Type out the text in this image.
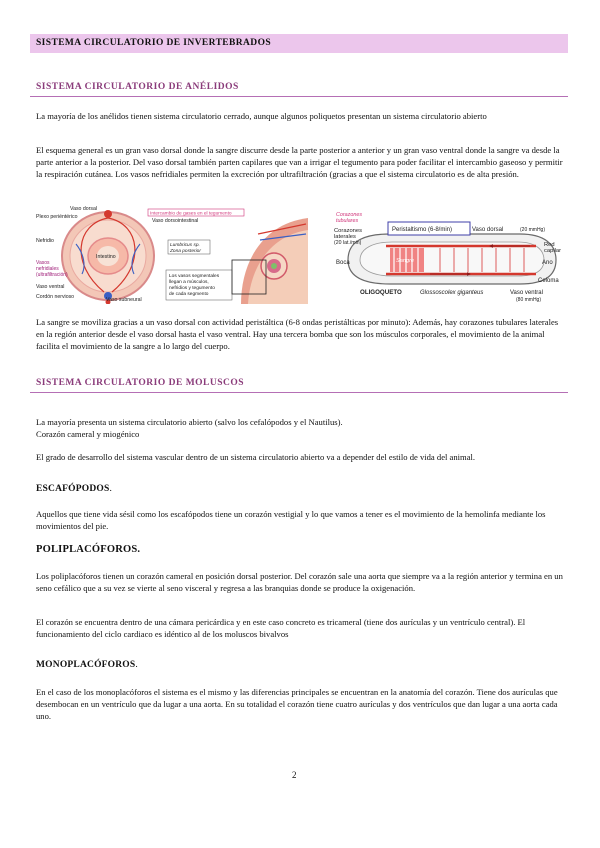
SISTEMA CIRCULATORIO DE INVERTEBRADOS
SISTEMA CIRCULATORIO DE ANÉLIDOS

La mayoría de los anélidos tienen sistema circulatorio cerrado, aunque algunos poliquetos presentan un sistema circulatorio abierto

El esquema general es un gran vaso dorsal donde la sangre discurre desde la parte posterior a anterior y un gran vaso ventral donde la sangre va desde la parte anterior a la posterior. Del vaso dorsal también parten capilares que van a irrigar el tegumento para poder facilitar el intercambio gaseoso y permitir la respiración cutánea. Los vasos nefridiales permiten la excreción por ultrafiltración (gracias a que el sistema circulatorio es de alta presión.

Vaso dorsal
Plexo periéntérico
Nefridio
Intestino
Vasos
nefridiales
(ultrafiltración)
Vaso ventral
Cordón nervioso	Vaso subneural
Intercambio de gases en el tegumento
Vaso dorsointestinal
Lumbricus sp.
Zona posterior
Los vasos segmentales
llegan a músculos,
nefridios y tegumento
de cada segmento
Peristaltismo (6-8/min)
Corazones
tubulares
Vaso dorsal	(20 mmHg)
Corazones
laterales
(20 lat./min)	Red
capilar
Boca	Sangre	Ano
Celoma
OLIGOQUETO	Glossoscolex giganteus	Vaso ventral
(80 mmHg)

La sangre se moviliza gracias a un vaso dorsal con actividad peristáltica (6-8 ondas peristálticas por minuto): Además, hay corazones tubulares laterales en la región anterior desde el vaso dorsal hasta el vaso ventral. Hay una tercera bomba que son los músculos corporales, el movimiento de la animal facilita el movimiento de la sangre a lo largo del cuerpo.

SISTEMA CIRCULATORIO DE MOLUSCOS

La mayoría presenta un sistema circulatorio abierto (salvo los cefalópodos y el Nautilus).

Corazón cameral y miogénico

El grado de desarrollo del sistema vascular dentro de un sistema circulatorio abierto va a depender del estilo de vida del animal.

ESCAFÓPODOS.

Aquellos que tiene vida sésil como los escafópodos tiene un corazón vestigial y lo que vamos a tener es el movimiento de la hemolinfa mediante los movimientos del pie.

POLIPLACÓFOROS.

Los poliplacóforos tienen un corazón cameral en posición dorsal posterior. Del corazón sale una aorta que siempre va a la región anterior y termina en un seno cefálico que a su vez se vierte al seno visceral y regresa a las branquias donde se produce la oxigenación.

El corazón se encuentra dentro de una cámara pericárdica y en este caso concreto es tricameral (tiene dos aurículas y un ventrículo central). El funcionamiento del ciclo cardiaco es idéntico al de los moluscos bivalvos

MONOPLACÓFOROS.

En el caso de los monoplacóforos el sistema es el mismo y las diferencias principales se encuentran en la anatomía del corazón. Tiene dos aurículas que desembocan en un ventrículo que da lugar a una aorta. En su totalidad el corazón tiene cuatro aurículas y dos ventrículos que dan lugar a una aorta cada uno.

2
